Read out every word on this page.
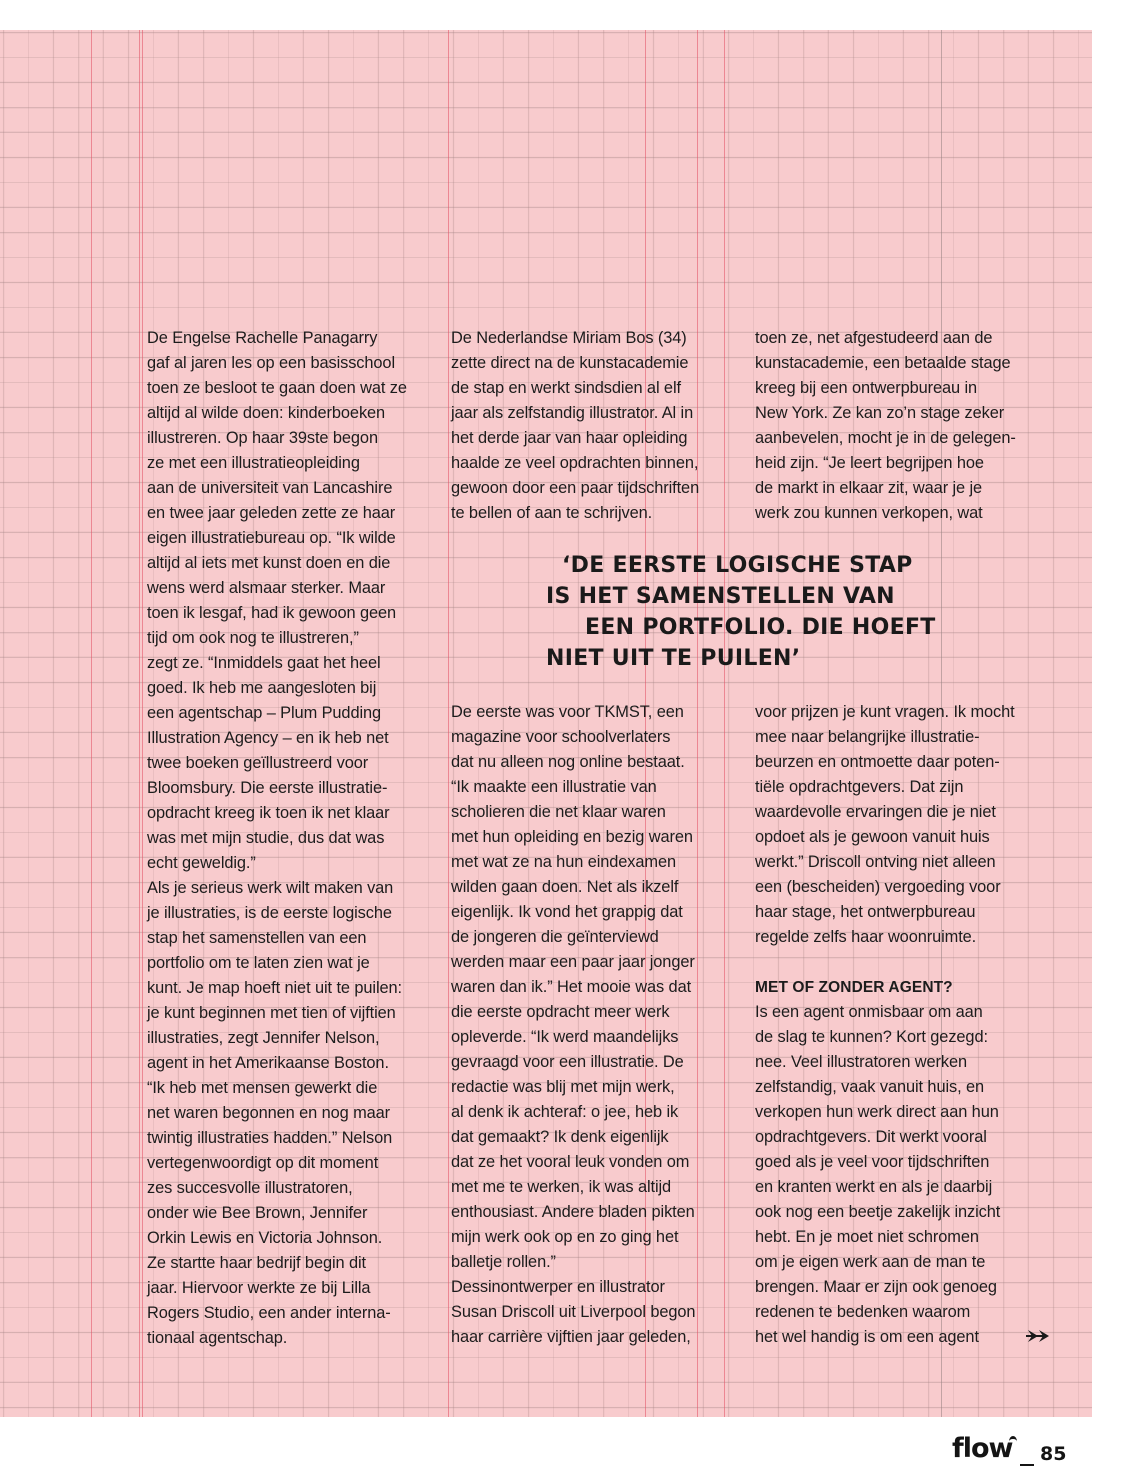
De Engelse Rachelle Panagarry
gaf al jaren les op een basisschool
toen ze besloot te gaan doen wat ze
altijd al wilde doen: kinderboeken
illustreren. Op haar 39ste begon
ze met een illustratieopleiding
aan de universiteit van Lancashire
en twee jaar geleden zette ze haar
eigen illustratiebureau op. “Ik wilde
altijd al iets met kunst doen en die
wens werd alsmaar sterker. Maar
toen ik lesgaf, had ik gewoon geen
tijd om ook nog te illustreren,”
zegt ze. “Inmiddels gaat het heel
goed. Ik heb me aangesloten bij
een agentschap – Plum Pudding
Illustration Agency – en ik heb net
twee boeken geïllustreerd voor
Bloomsbury. Die eerste illustratie-
opdracht kreeg ik toen ik net klaar
was met mijn studie, dus dat was
echt geweldig.”
Als je serieus werk wilt maken van
je illustraties, is de eerste logische
stap het samenstellen van een
portfolio om te laten zien wat je
kunt. Je map hoeft niet uit te puilen:
je kunt beginnen met tien of vijftien
illustraties, zegt Jennifer Nelson,
agent in het Amerikaanse Boston.
“Ik heb met mensen gewerkt die
net waren begonnen en nog maar
twintig illustraties hadden.” Nelson
vertegenwoordigt op dit moment
zes succesvolle illustratoren,
onder wie Bee Brown, Jennifer
Orkin Lewis en Victoria Johnson.
Ze startte haar bedrijf begin dit
jaar. Hiervoor werkte ze bij Lilla
Rogers Studio, een ander interna-
tionaal agentschap.
De Nederlandse Miriam Bos (34)
zette direct na de kunstacademie
de stap en werkt sindsdien al elf
jaar als zelfstandig illustrator. Al in
het derde jaar van haar opleiding
haalde ze veel opdrachten binnen,
gewoon door een paar tijdschriften
te bellen of aan te schrijven.
toen ze, net afgestudeerd aan de
kunstacademie, een betaalde stage
kreeg bij een ontwerpbureau in
New York. Ze kan zo’n stage zeker
aanbevelen, mocht je in de gelegen-
heid zijn. “Je leert begrijpen hoe
de markt in elkaar zit, waar je je
werk zou kunnen verkopen, wat
‘DE EERSTE LOGISCHE STAP
IS HET SAMENSTELLEN VAN
EEN PORTFOLIO. DIE HOEFT
NIET UIT TE PUILEN’
De eerste was voor TKMST, een
magazine voor schoolverlaters
dat nu alleen nog online bestaat.
“Ik maakte een illustratie van
scholieren die net klaar waren
met hun opleiding en bezig waren
met wat ze na hun eindexamen
wilden gaan doen. Net als ikzelf
eigenlijk. Ik vond het grappig dat
de jongeren die geïnterviewd
werden maar een paar jaar jonger
waren dan ik.” Het mooie was dat
die eerste opdracht meer werk
opleverde. “Ik werd maandelijks
gevraagd voor een illustratie. De
redactie was blij met mijn werk,
al denk ik achteraf: o jee, heb ik
dat gemaakt? Ik denk eigenlijk
dat ze het vooral leuk vonden om
met me te werken, ik was altijd
enthousiast. Andere bladen pikten
mijn werk ook op en zo ging het
balletje rollen.”
Dessinontwerper en illustrator
Susan Driscoll uit Liverpool begon
haar carrière vijftien jaar geleden,
voor prijzen je kunt vragen. Ik mocht
mee naar belangrijke illustratie-
beurzen en ontmoette daar poten-
tiële opdrachtgevers. Dat zijn
waardevolle ervaringen die je niet
opdoet als je gewoon vanuit huis
werkt.” Driscoll ontving niet alleen
een (bescheiden) vergoeding voor
haar stage, het ontwerpbureau
regelde zelfs haar woonruimte.
MET OF ZONDER AGENT?
Is een agent onmisbaar om aan
de slag te kunnen? Kort gezegd:
nee. Veel illustratoren werken
zelfstandig, vaak vanuit huis, en
verkopen hun werk direct aan hun
opdrachtgevers. Dit werkt vooral
goed als je veel voor tijdschriften
en kranten werkt en als je daarbij
ook nog een beetje zakelijk inzicht
hebt. En je moet niet schromen
om je eigen werk aan de man te
brengen. Maar er zijn ook genoeg
redenen te bedenken waarom
het wel handig is om een agent
flow 85
